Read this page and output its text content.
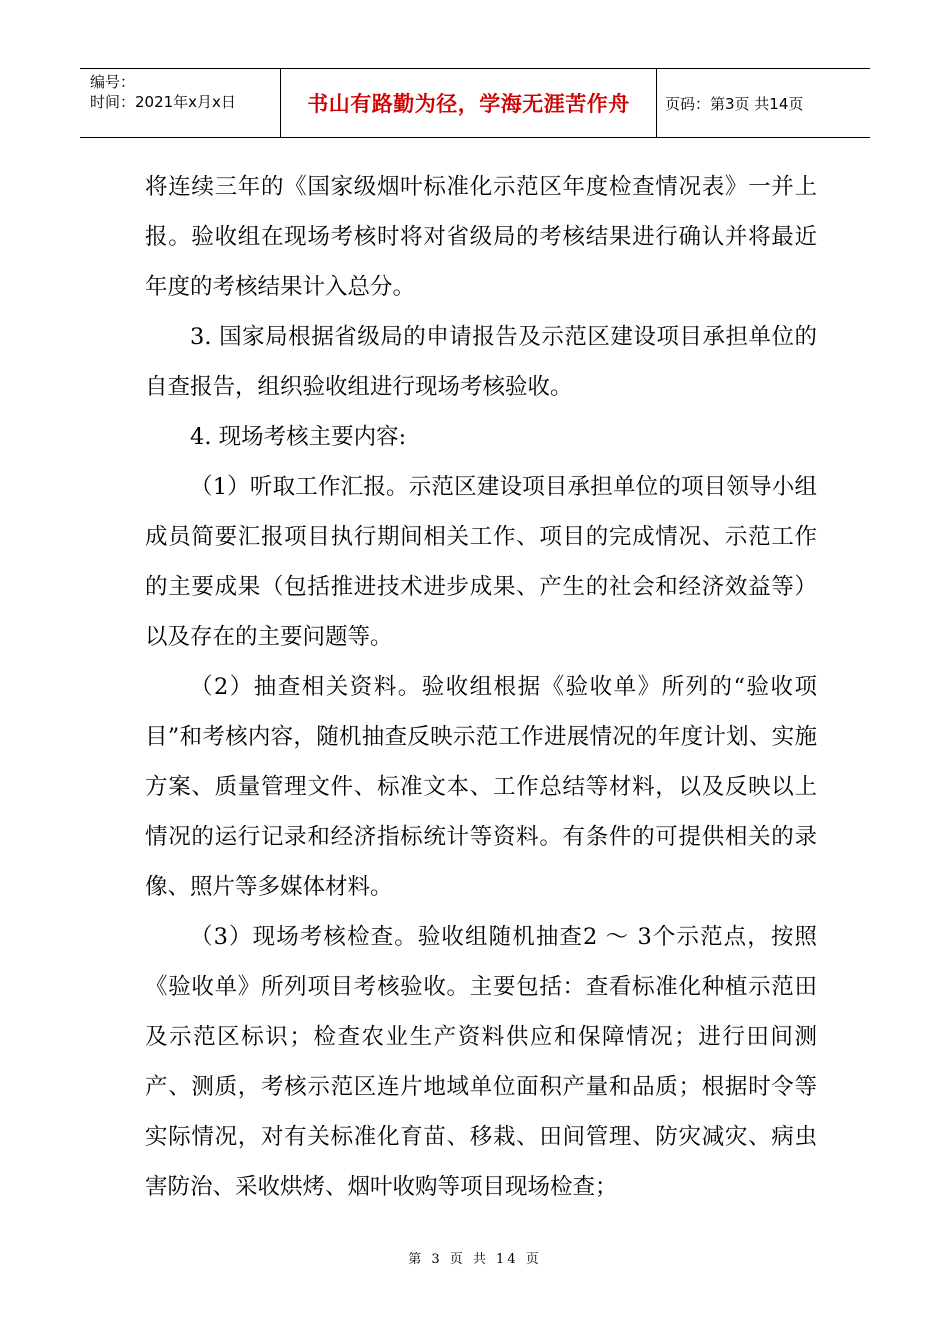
编号：
时间：2021年x月x日	书山有路勤为径，学海无涯苦作舟 页码：第3页 共14页

将连续三年的《国家级烟叶标准化示范区年度检查情况表》一并上报。验收组在现场考核时将对省级局的考核结果进行确认并将最近年度的考核结果计入总分。

3. 国家局根据省级局的申请报告及示范区建设项目承担单位的自查报告，组织验收组进行现场考核验收。

4. 现场考核主要内容:

（1）听取工作汇报。示范区建设项目承担单位的项目领导小组成员简要汇报项目执行期间相关工作、项目的完成情况、示范工作的主要成果（包括推进技术进步成果、产生的社会和经济效益等）以及存在的主要问题等。

（2）抽查相关资料。验收组根据《验收单》所列的“验收项目”和考核内容，随机抽查反映示范工作进展情况的年度计划、实施方案、质量管理文件、标准文本、工作总结等材料，以及反映以上情况的运行记录和经济指标统计等资料。有条件的可提供相关的录像、照片等多媒体材料。

（3）现场考核检查。验收组随机抽查2 ～ 3个示范点，按照《验收单》所列项目考核验收。主要包括：查看标准化种植示范田及示范区标识；检查农业生产资料供应和保障情况；进行田间测产、测质，考核示范区连片地域单位面积产量和品质；根据时令等实际情况，对有关标准化育苗、移栽、田间管理、防灾减灾、病虫害防治、采收烘烤、烟叶收购等项目现场检查；

第 3 页 共 14 页
